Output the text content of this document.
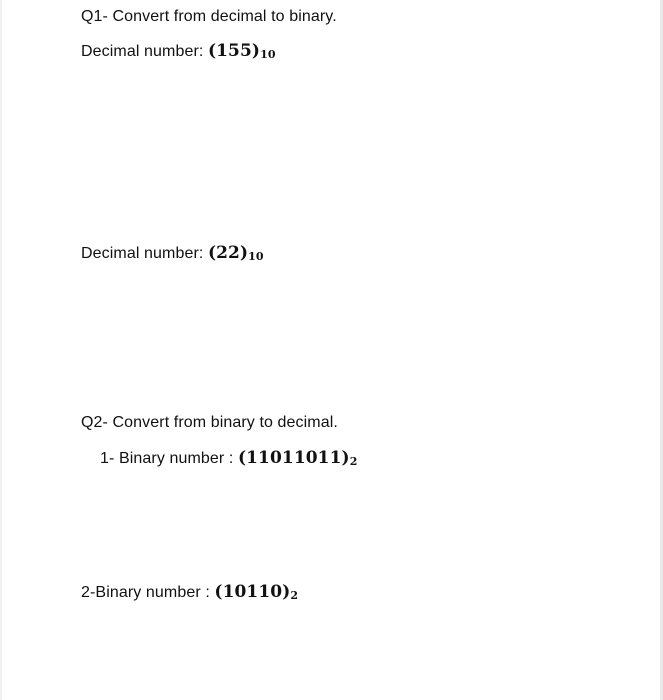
Q1- Convert from decimal to binary.
Decimal number: $(155)_{10}$
Decimal number: $(22)_{10}$
Q2- Convert from binary to decimal.
1- Binary number : $(11011011)_2$
2-Binary number : $(10110)_2$
